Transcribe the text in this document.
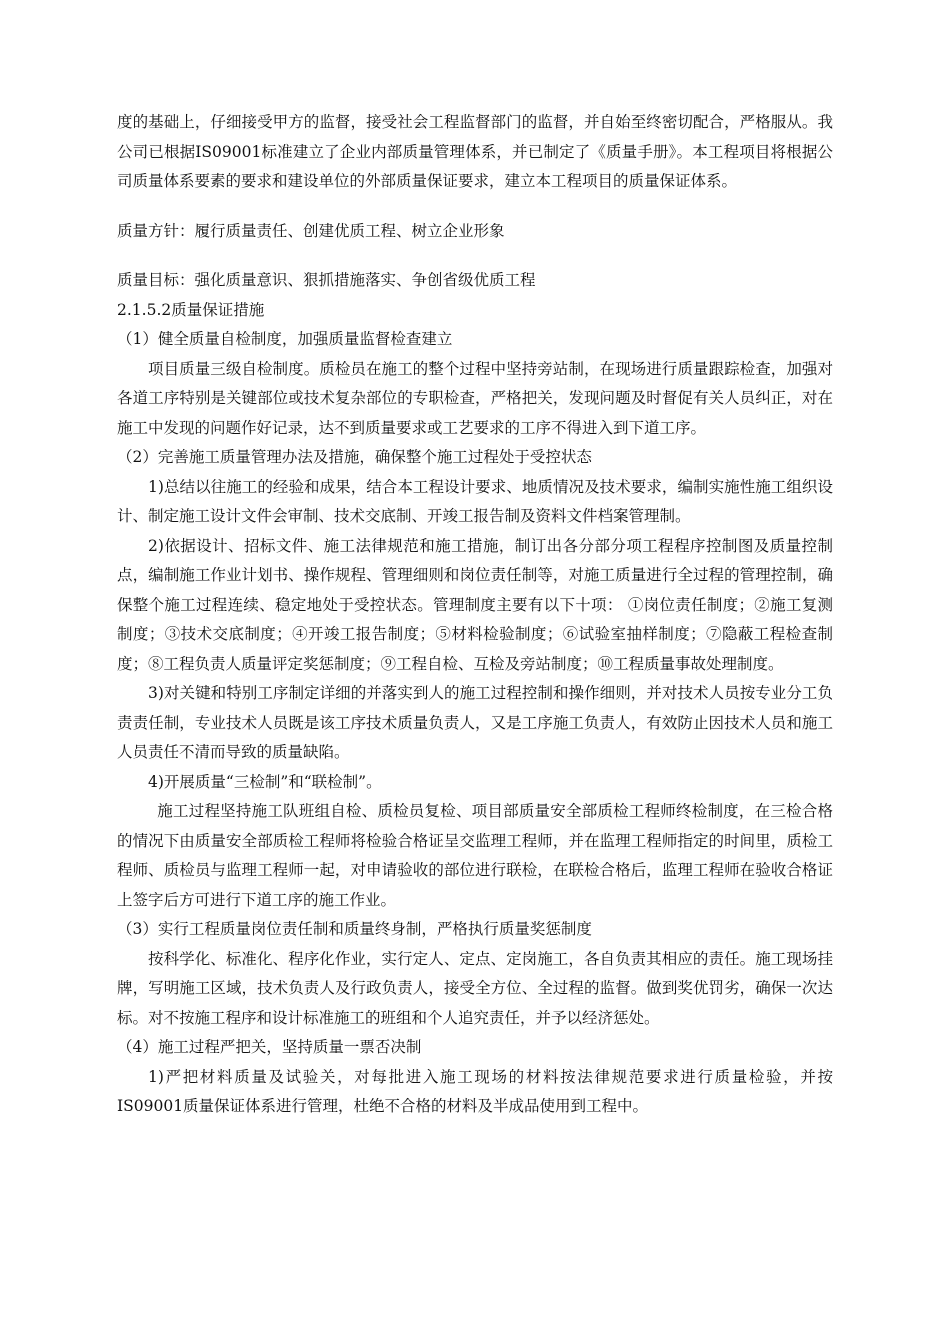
度的基础上，仔细接受甲方的监督，接受社会工程监督部门的监督，并自始至终密切配合，严格服从。我公司已根据IS09001标准建立了企业内部质量管理体系，并已制定了《质量手册》。本工程项目将根据公司质量体系要素的要求和建设单位的外部质量保证要求，建立本工程项目的质量保证体系。

质量方针：履行质量责任、创建优质工程、树立企业形象

质量目标：强化质量意识、狠抓措施落实、争创省级优质工程

2.1.5.2质量保证措施

（1）健全质量自检制度，加强质量监督检查建立

项目质量三级自检制度。质检员在施工的整个过程中坚持旁站制，在现场进行质量跟踪检查，加强对各道工序特别是关键部位或技术复杂部位的专职检查，严格把关，发现问题及时督促有关人员纠正，对在施工中发现的问题作好记录，达不到质量要求或工艺要求的工序不得进入到下道工序。

（2）完善施工质量管理办法及措施，确保整个施工过程处于受控状态

1)总结以往施工的经验和成果，结合本工程设计要求、地质情况及技术要求，编制实施性施工组织设计、制定施工设计文件会审制、技术交底制、开竣工报告制及资料文件档案管理制。

2)依据设计、招标文件、施工法律规范和施工措施，制订出各分部分项工程程序控制图及质量控制点，编制施工作业计划书、操作规程、管理细则和岗位责任制等，对施工质量进行全过程的管理控制，确保整个施工过程连续、稳定地处于受控状态。管理制度主要有以下十项： ①岗位责任制度；②施工复测制度；③技术交底制度；④开竣工报告制度；⑤材料检验制度；⑥试验室抽样制度；⑦隐蔽工程检查制度；⑧工程负责人质量评定奖惩制度；⑨工程自检、互检及旁站制度；⑩工程质量事故处理制度。

3)对关键和特别工序制定详细的并落实到人的施工过程控制和操作细则，并对技术人员按专业分工负责责任制，专业技术人员既是该工序技术质量负责人，又是工序施工负责人，有效防止因技术人员和施工人员责任不清而导致的质量缺陷。

4)开展质量“三检制”和“联检制”。

施工过程坚持施工队班组自检、质检员复检、项目部质量安全部质检工程师终检制度，在三检合格的情况下由质量安全部质检工程师将检验合格证呈交监理工程师，并在监理工程师指定的时间里，质检工程师、质检员与监理工程师一起，对申请验收的部位进行联检，在联检合格后，监理工程师在验收合格证上签字后方可进行下道工序的施工作业。

（3）实行工程质量岗位责任制和质量终身制，严格执行质量奖惩制度

按科学化、标准化、程序化作业，实行定人、定点、定岗施工，各自负责其相应的责任。施工现场挂牌，写明施工区域，技术负责人及行政负责人，接受全方位、全过程的监督。做到奖优罚劣，确保一次达标。对不按施工程序和设计标准施工的班组和个人追究责任，并予以经济惩处。

（4）施工过程严把关，坚持质量一票否决制

1)严把材料质量及试验关，对每批进入施工现场的材料按法律规范要求进行质量检验，并按IS09001质量保证体系进行管理，杜绝不合格的材料及半成品使用到工程中。
